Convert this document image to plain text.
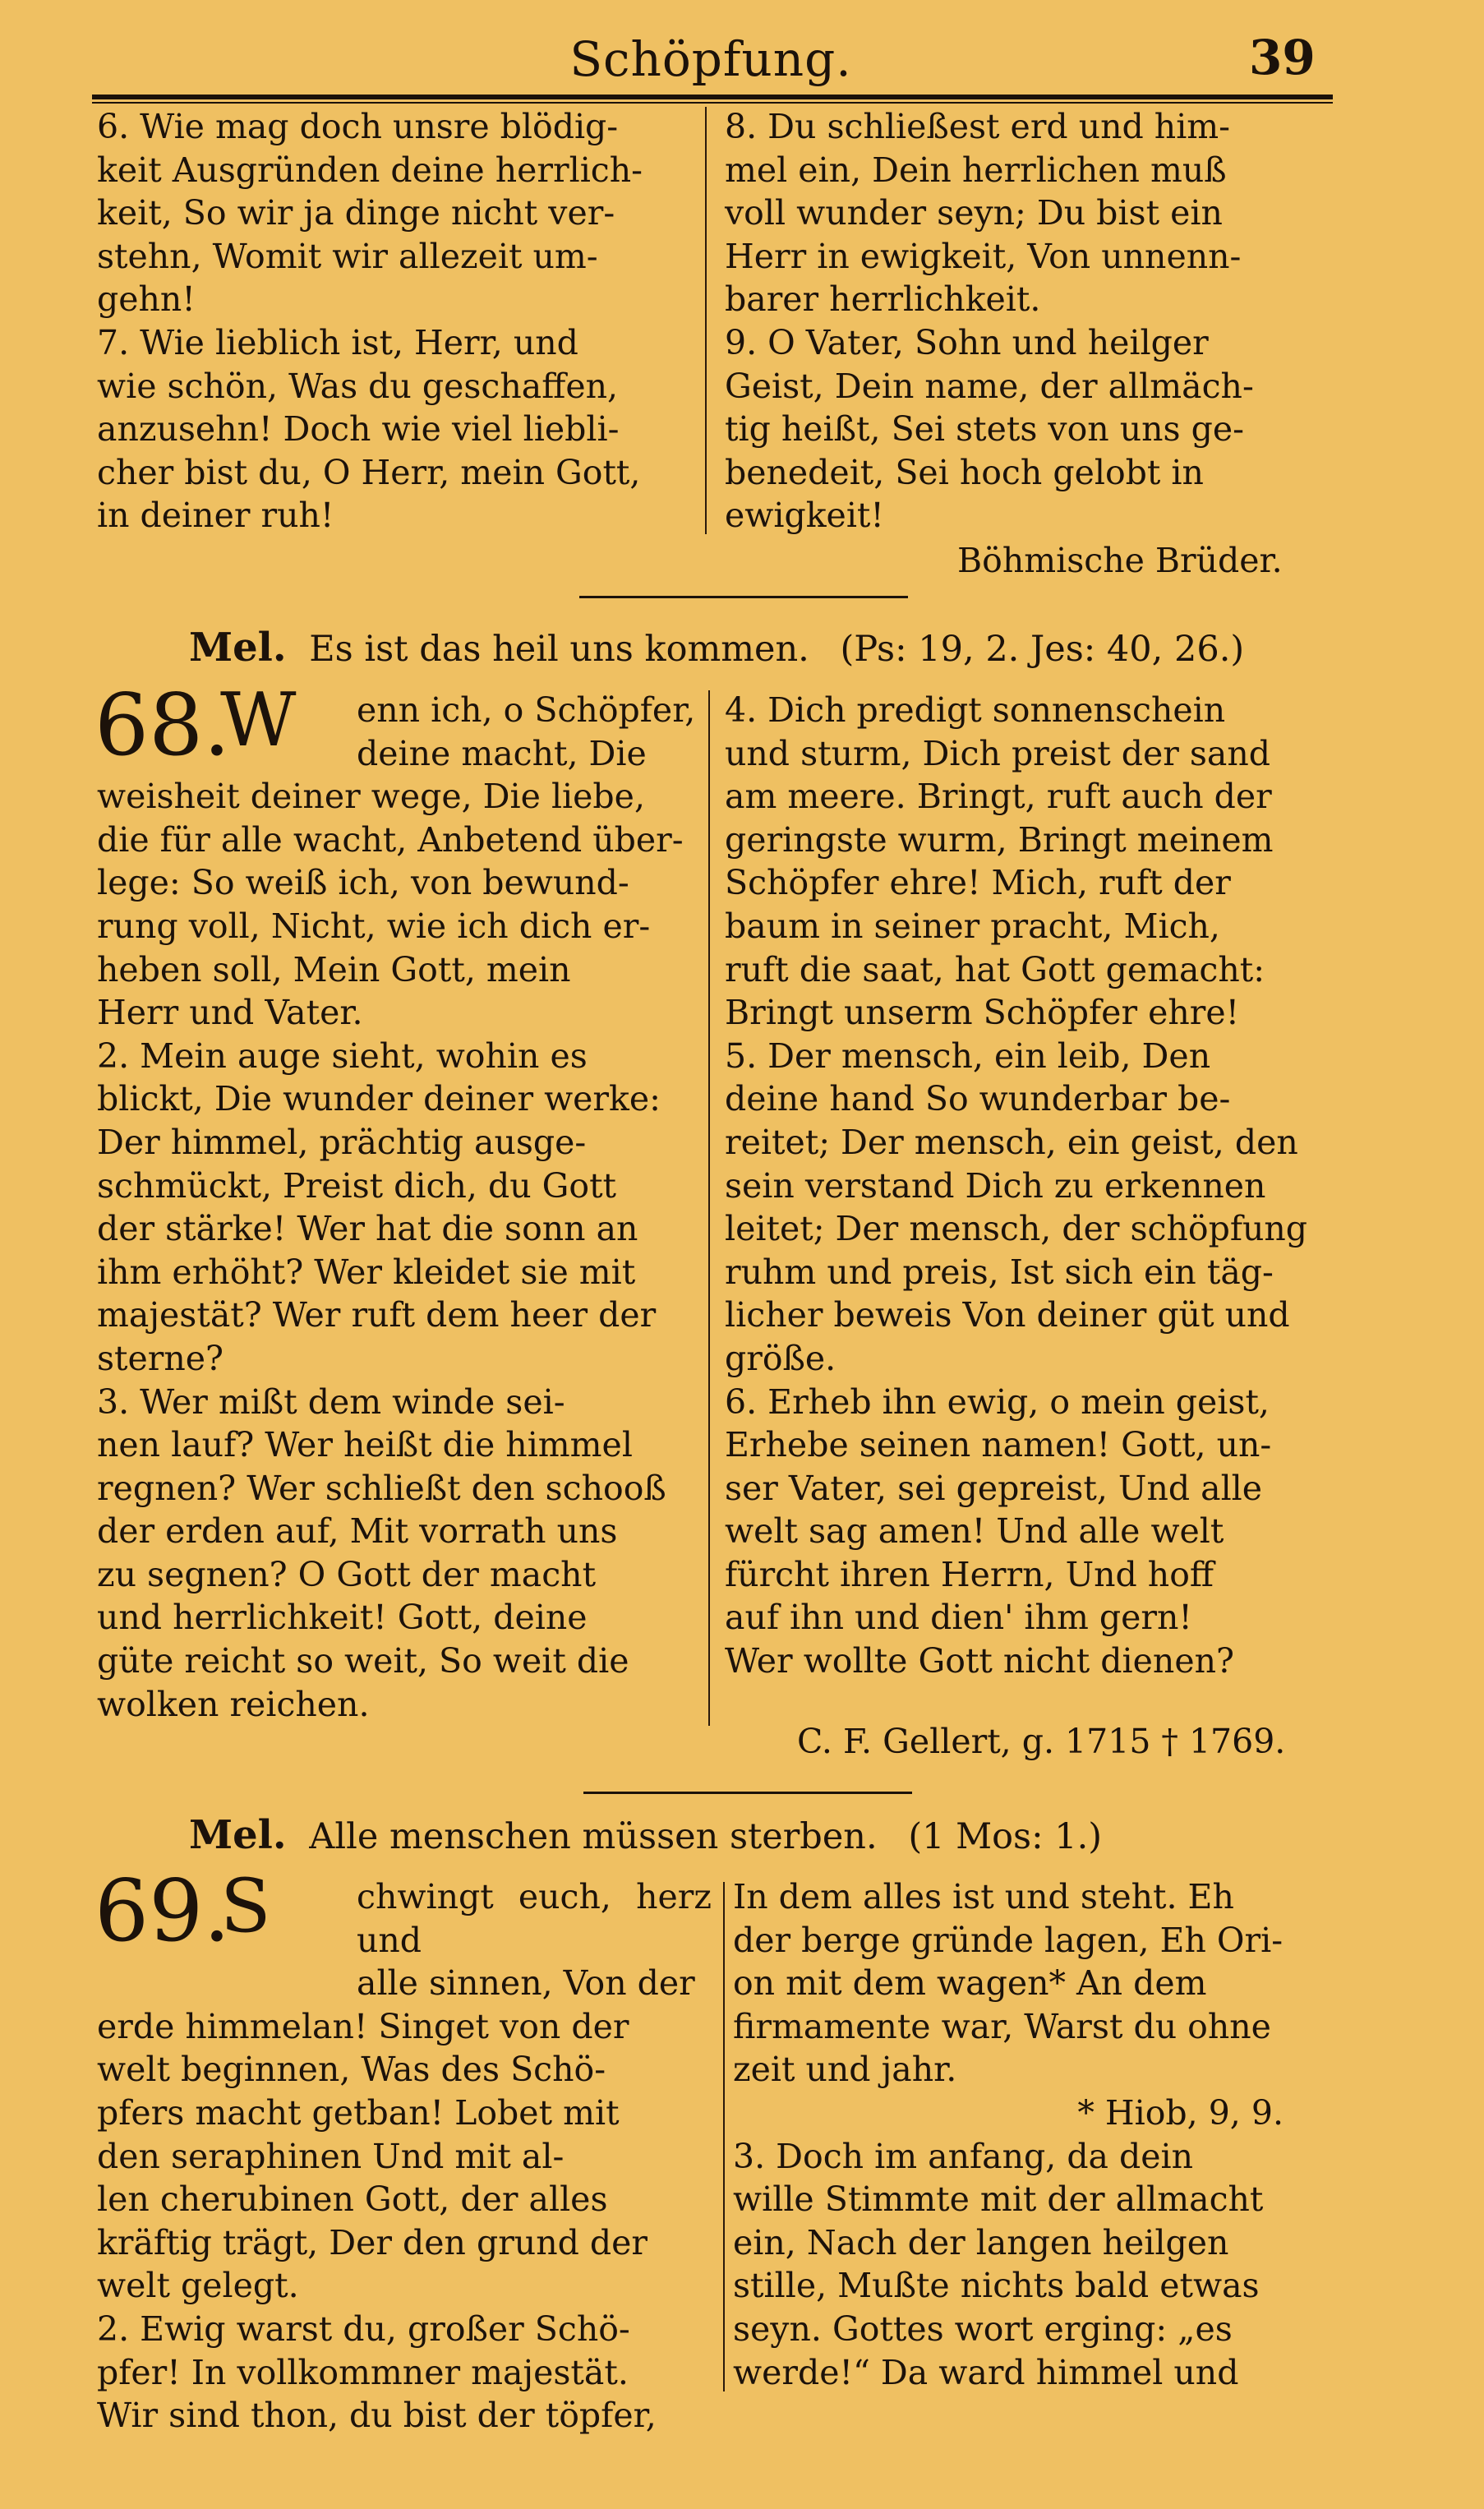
Schöpfung.	39

6. Wie mag doch unsre blödig-

keit Ausgründen deine herrlich-

keit, So wir ja dinge nicht ver-

stehn, Womit wir allezeit um-

gehn!

7. Wie lieblich ist, Herr, und

wie schön, Was du geschaffen,

anzusehn! Doch wie viel liebli-

cher bist du, O Herr, mein Gott,

in deiner ruh!

8. Du schließest erd und him-

mel ein, Dein herrlichen muß

voll wunder seyn; Du bist ein

Herr in ewigkeit, Von unnenn-

barer herrlichkeit.

9. O Vater, Sohn und heilger

Geist, Dein name, der allmäch-

tig heißt, Sei stets von uns ge-

benedeit, Sei hoch gelobt in

ewigkeit!

Böhmische Brüder.
Mel. Es ist das heil uns kommen. (Ps: 19, 2. Jes: 40, 26.)
68.
W	enn ich, o Schöpfer,

deine macht, Die

weisheit deiner wege, Die liebe,

die für alle wacht, Anbetend über-

lege: So weiß ich, von bewund-

rung voll, Nicht, wie ich dich er-

heben soll, Mein Gott, mein

Herr und Vater.

2. Mein auge sieht, wohin es

blickt, Die wunder deiner werke:

Der himmel, prächtig ausge-

schmückt, Preist dich, du Gott

der stärke! Wer hat die sonn an

ihm erhöht? Wer kleidet sie mit

majestät? Wer ruft dem heer der

sterne?

3. Wer mißt dem winde sei-

nen lauf? Wer heißt die himmel

regnen? Wer schließt den schooß

der erden auf, Mit vorrath uns

zu segnen? O Gott der macht

und herrlichkeit! Gott, deine

güte reicht so weit, So weit die

wolken reichen.

4. Dich predigt sonnenschein

und sturm, Dich preist der sand

am meere. Bringt, ruft auch der

geringste wurm, Bringt meinem

Schöpfer ehre! Mich, ruft der

baum in seiner pracht, Mich,

ruft die saat, hat Gott gemacht:

Bringt unserm Schöpfer ehre!

5. Der mensch, ein leib, Den

deine hand So wunderbar be-

reitet; Der mensch, ein geist, den

sein verstand Dich zu erkennen

leitet; Der mensch, der schöpfung

ruhm und preis, Ist sich ein täg-

licher beweis Von deiner güt und

größe.

6. Erheb ihn ewig, o mein geist,

Erhebe seinen namen! Gott, un-

ser Vater, sei gepreist, Und alle

welt sag amen! Und alle welt

fürcht ihren Herrn, Und hoff

auf ihn und dien' ihm gern!

Wer wollte Gott nicht dienen?

C. F. Gellert, g. 1715 † 1769.
Mel. Alle menschen müssen sterben. (1 Mos: 1.)
69.
S	chwingt euch, herz und

alle sinnen, Von der

erde himmelan! Singet von der

welt beginnen, Was des Schö-

pfers macht getban! Lobet mit

den seraphinen Und mit al-

len cherubinen Gott, der alles

kräftig trägt, Der den grund der

welt gelegt.

2. Ewig warst du, großer Schö-

pfer! In vollkommner majestät.

Wir sind thon, du bist der töpfer,

In dem alles ist und steht. Eh

der berge gründe lagen, Eh Ori-

on mit dem wagen* An dem

firmamente war, Warst du ohne

zeit und jahr.

* Hiob, 9, 9.

3. Doch im anfang, da dein

wille Stimmte mit der allmacht

ein, Nach der langen heilgen

stille, Mußte nichts bald etwas

seyn. Gottes wort erging: „es

werde!“ Da ward himmel und
